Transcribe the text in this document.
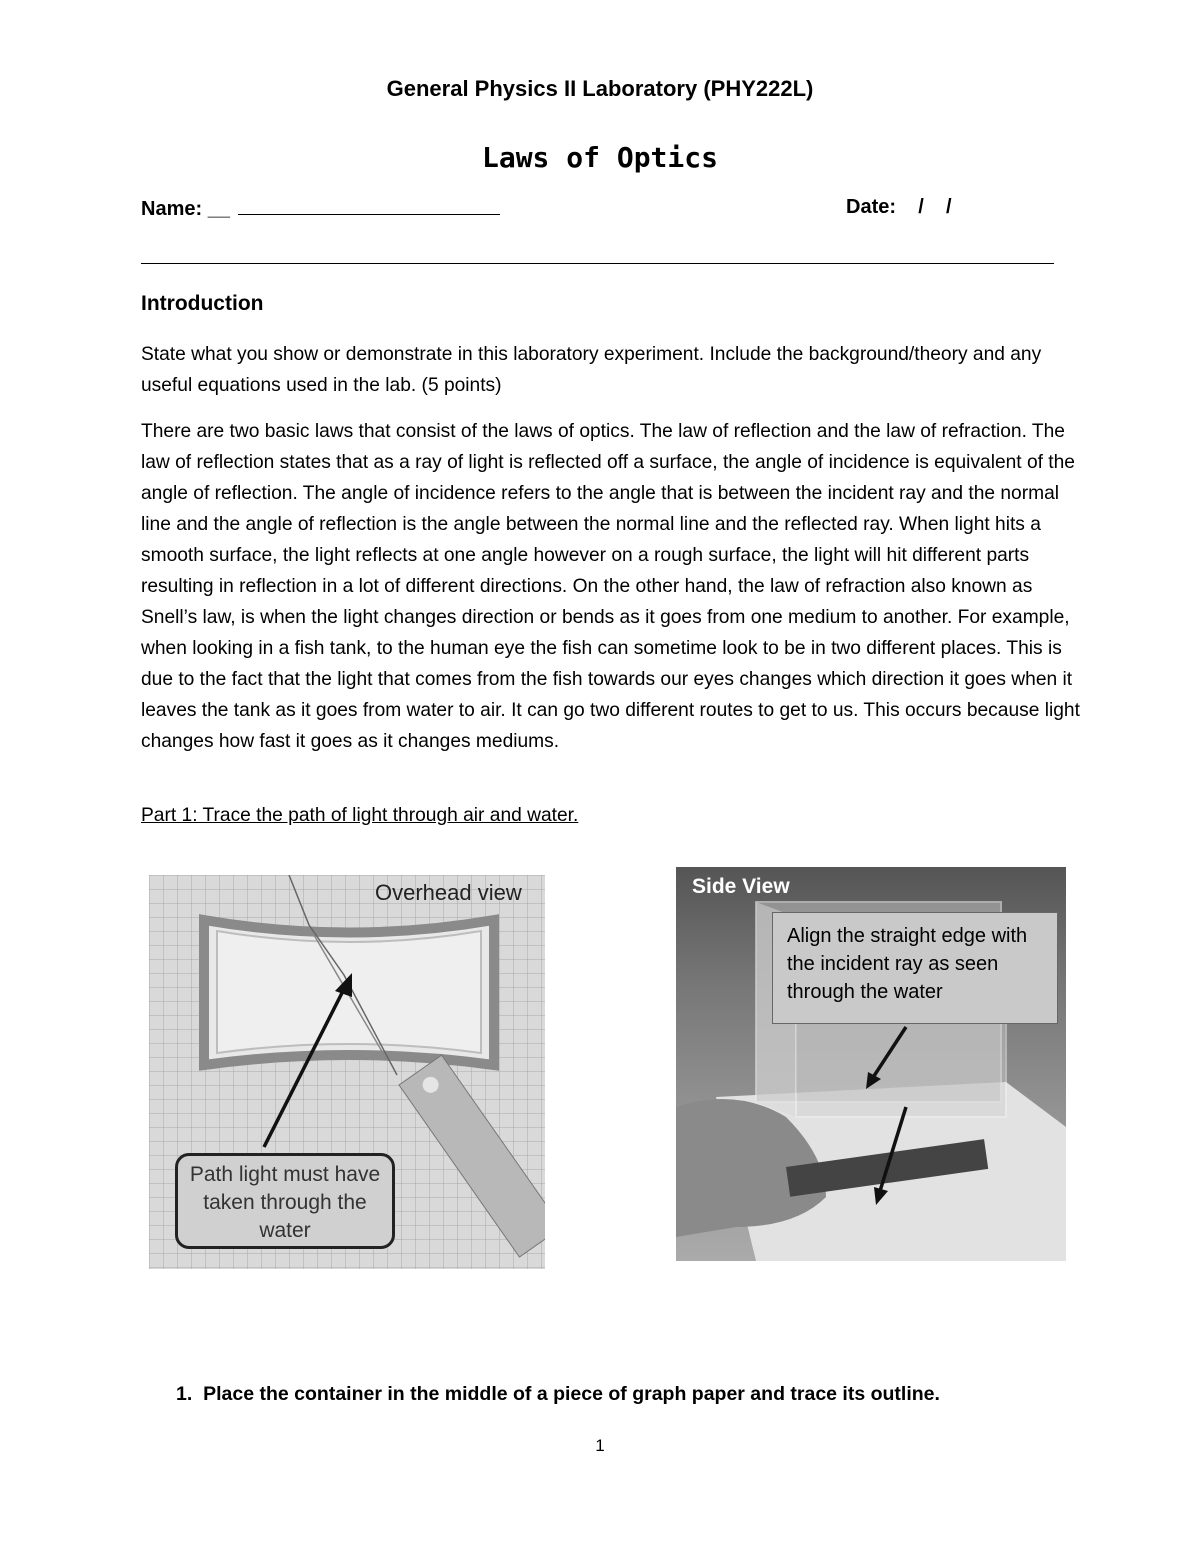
General Physics II Laboratory (PHY222L)
Laws of Optics
Name: __	Date:    /    /
Introduction
State what you show or demonstrate in this laboratory experiment. Include the background/theory and any useful equations used in the lab. (5 points)
There are two basic laws that consist of the laws of optics. The law of reflection and the law of refraction. The law of reflection states that as a ray of light is reflected off a surface, the angle of incidence is equivalent of the angle of reflection. The angle of incidence refers to the angle that is between the incident ray and the normal line and the angle of reflection is the angle between the normal line and the reflected ray. When light hits a smooth surface, the light reflects at one angle however on a rough surface, the light will hit different parts resulting in reflection in a lot of different directions. On the other hand, the law of refraction also known as Snell’s law, is when the light changes direction or bends as it goes from one medium to another. For example, when looking in a fish tank, to the human eye the fish can sometime look to be in two different places. This is due to the fact that the light that comes from the fish towards our eyes changes which direction it goes when it leaves the tank as it goes from water to air. It can go two different routes to get to us. This occurs because light changes how fast it goes as it changes mediums.
Part 1: Trace the path of light through air and water.
Overhead view
Path light must have taken through the water
Side View
Align the straight edge with the incident ray as seen through the water
1. Place the container in the middle of a piece of graph paper and trace its outline.
1
